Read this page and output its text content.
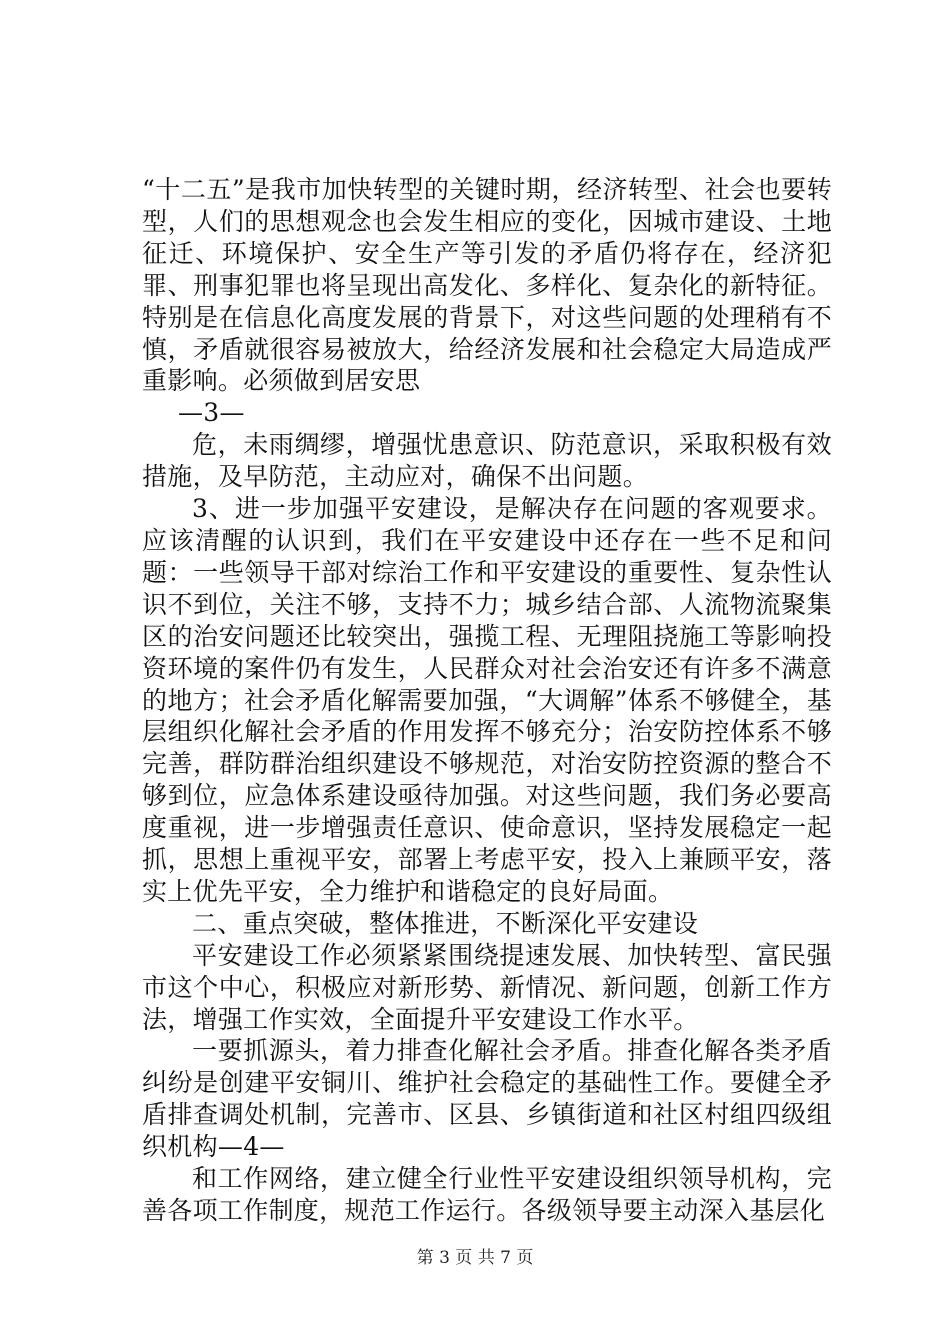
“十二五”是我市加快转型的关键时期，经济转型、社会也要转型，人们的思想观念也会发生相应的变化，因城市建设、土地征迁、环境保护、安全生产等引发的矛盾仍将存在，经济犯罪、刑事犯罪也将呈现出高发化、多样化、复杂化的新特征。特别是在信息化高度发展的背景下，对这些问题的处理稍有不慎，矛盾就很容易被放大，给经济发展和社会稳定大局造成严重影响。必须做到居安思

—3—

危，未雨绸缪，增强忧患意识、防范意识，采取积极有效措施，及早防范，主动应对，确保不出问题。

3、进一步加强平安建设，是解决存在问题的客观要求。应该清醒的认识到，我们在平安建设中还存在一些不足和问题：一些领导干部对综治工作和平安建设的重要性、复杂性认识不到位，关注不够，支持不力；城乡结合部、人流物流聚集区的治安问题还比较突出，强揽工程、无理阻挠施工等影响投资环境的案件仍有发生，人民群众对社会治安还有许多不满意的地方；社会矛盾化解需要加强，“大调解”体系不够健全，基层组织化解社会矛盾的作用发挥不够充分；治安防控体系不够完善，群防群治组织建设不够规范，对治安防控资源的整合不够到位，应急体系建设亟待加强。对这些问题，我们务必要高度重视，进一步增强责任意识、使命意识，坚持发展稳定一起抓，思想上重视平安，部署上考虑平安，投入上兼顾平安，落实上优先平安，全力维护和谐稳定的良好局面。

二、重点突破，整体推进，不断深化平安建设

平安建设工作必须紧紧围绕提速发展、加快转型、富民强市这个中心，积极应对新形势、新情况、新问题，创新工作方法，增强工作实效，全面提升平安建设工作水平。

一要抓源头，着力排查化解社会矛盾。排查化解各类矛盾纠纷是创建平安铜川、维护社会稳定的基础性工作。要健全矛盾排查调处机制，完善市、区县、乡镇街道和社区村组四级组织机构—4—

和工作网络，建立健全行业性平安建设组织领导机构，完善各项工作制度，规范工作运行。各级领导要主动深入基层化

第 3 页 共 7 页
